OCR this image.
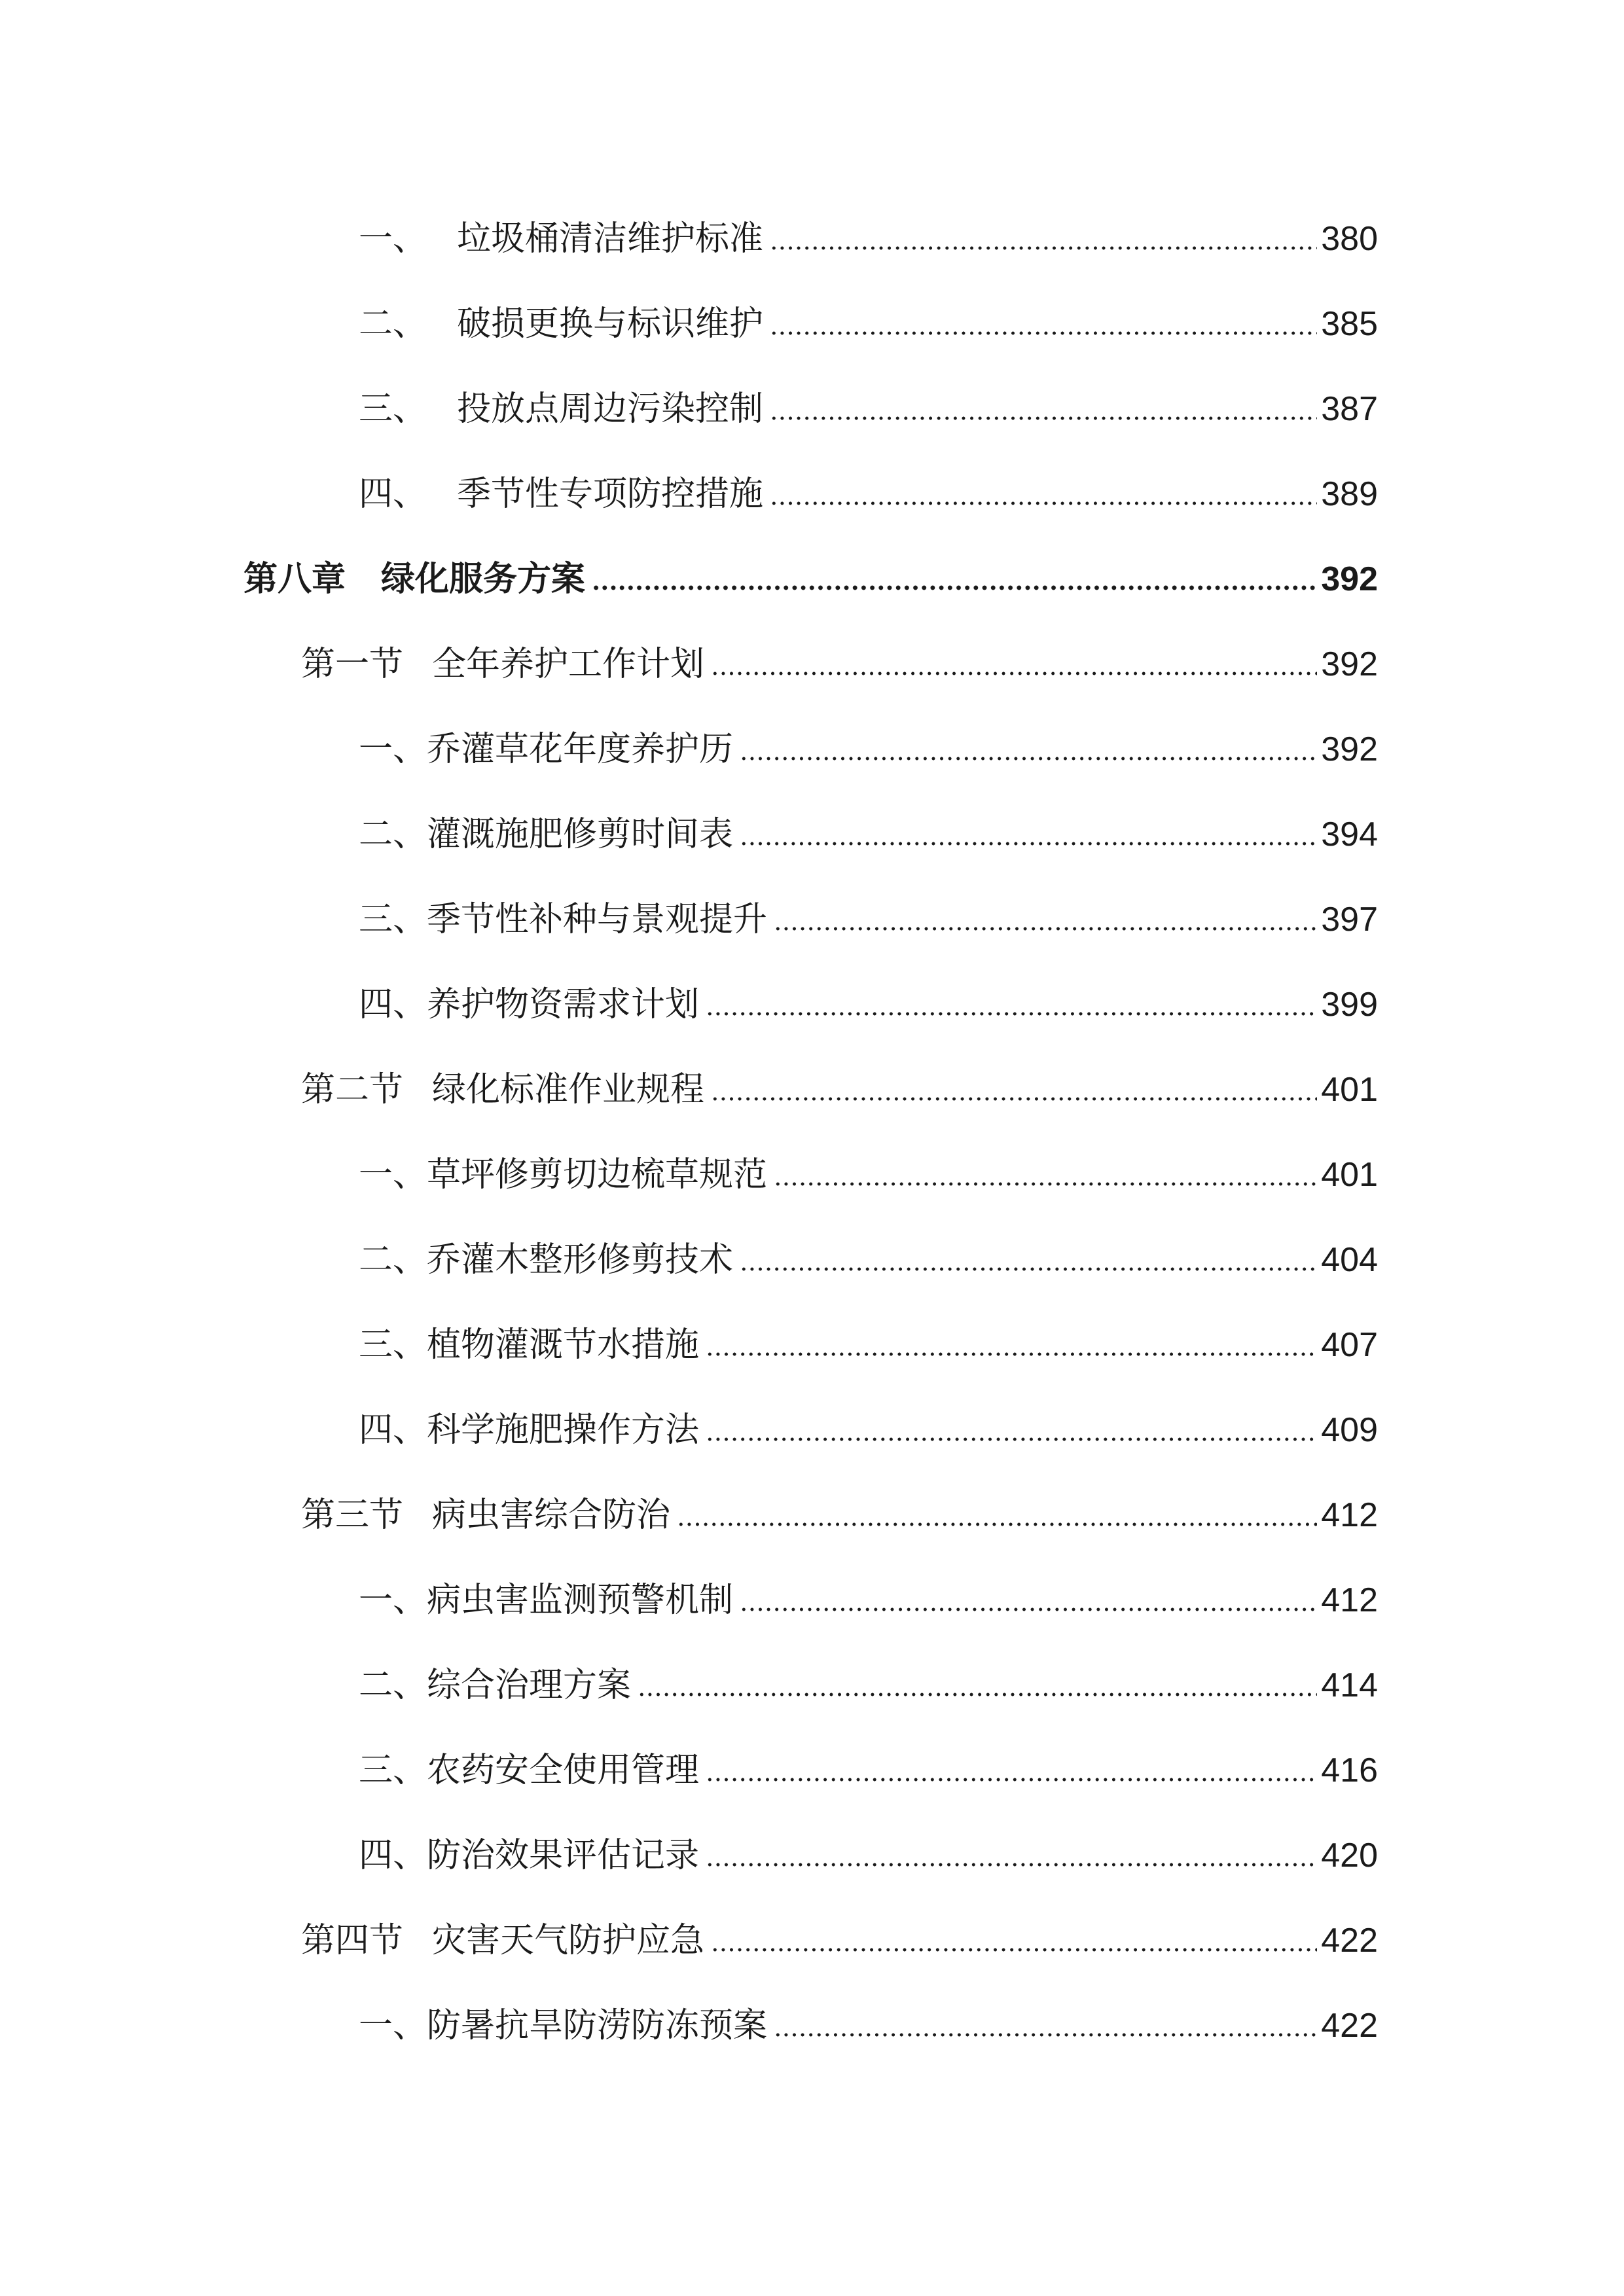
一、 垃圾桶清洁维护标准	380
二、 破损更换与标识维护	385
三、 投放点周边污染控制	387
四、 季节性专项防控措施	389
第八章	绿化服务方案	392
第一节 全年养护工作计划	392
一、 乔灌草花年度养护历	392
二、 灌溉施肥修剪时间表	394
三、 季节性补种与景观提升	397
四、 养护物资需求计划	399
第二节 绿化标准作业规程	401
一、 草坪修剪切边梳草规范	401
二、 乔灌木整形修剪技术	404
三、 植物灌溉节水措施	407
四、 科学施肥操作方法	409
第三节 病虫害综合防治	412
一、 病虫害监测预警机制	412
二、 综合治理方案	414
三、 农药安全使用管理	416
四、 防治效果评估记录	420
第四节 灾害天气防护应急	422
一、 防暑抗旱防涝防冻预案	422
